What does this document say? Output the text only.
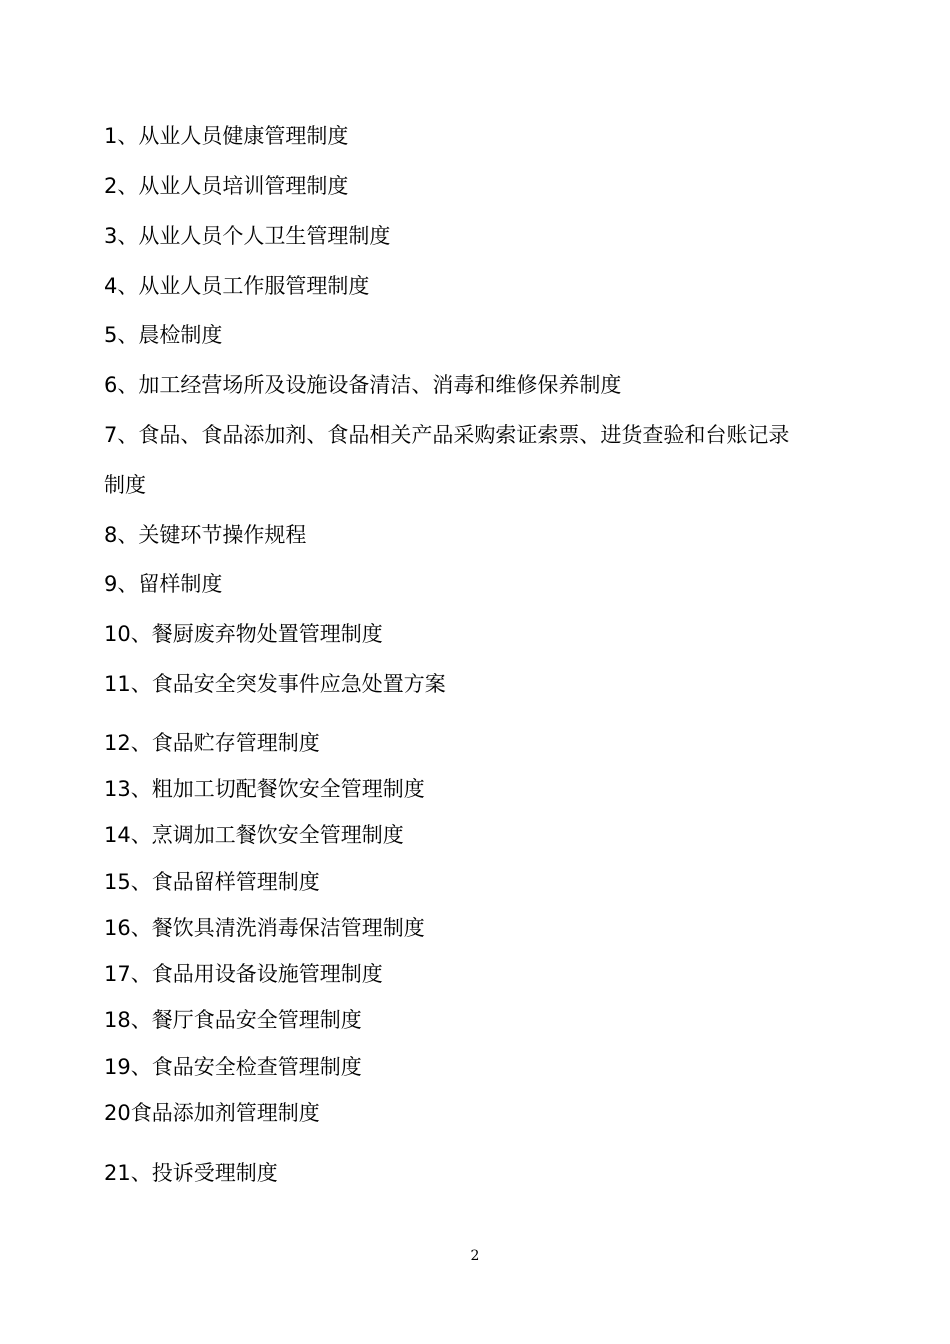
1、从业人员健康管理制度
2、从业人员培训管理制度
3、从业人员个人卫生管理制度
4、从业人员工作服管理制度
5、晨检制度
6、加工经营场所及设施设备清洁、消毒和维修保养制度
7、食品、食品添加剂、食品相关产品采购索证索票、进货查验和台账记录
制度
8、关键环节操作规程
9、留样制度
10、餐厨废弃物处置管理制度
11、食品安全突发事件应急处置方案
12、食品贮存管理制度
13、粗加工切配餐饮安全管理制度
14、烹调加工餐饮安全管理制度
15、食品留样管理制度
16、餐饮具清洗消毒保洁管理制度
17、食品用设备设施管理制度
18、餐厅食品安全管理制度
19、食品安全检查管理制度
20食品添加剂管理制度
21、投诉受理制度
2
